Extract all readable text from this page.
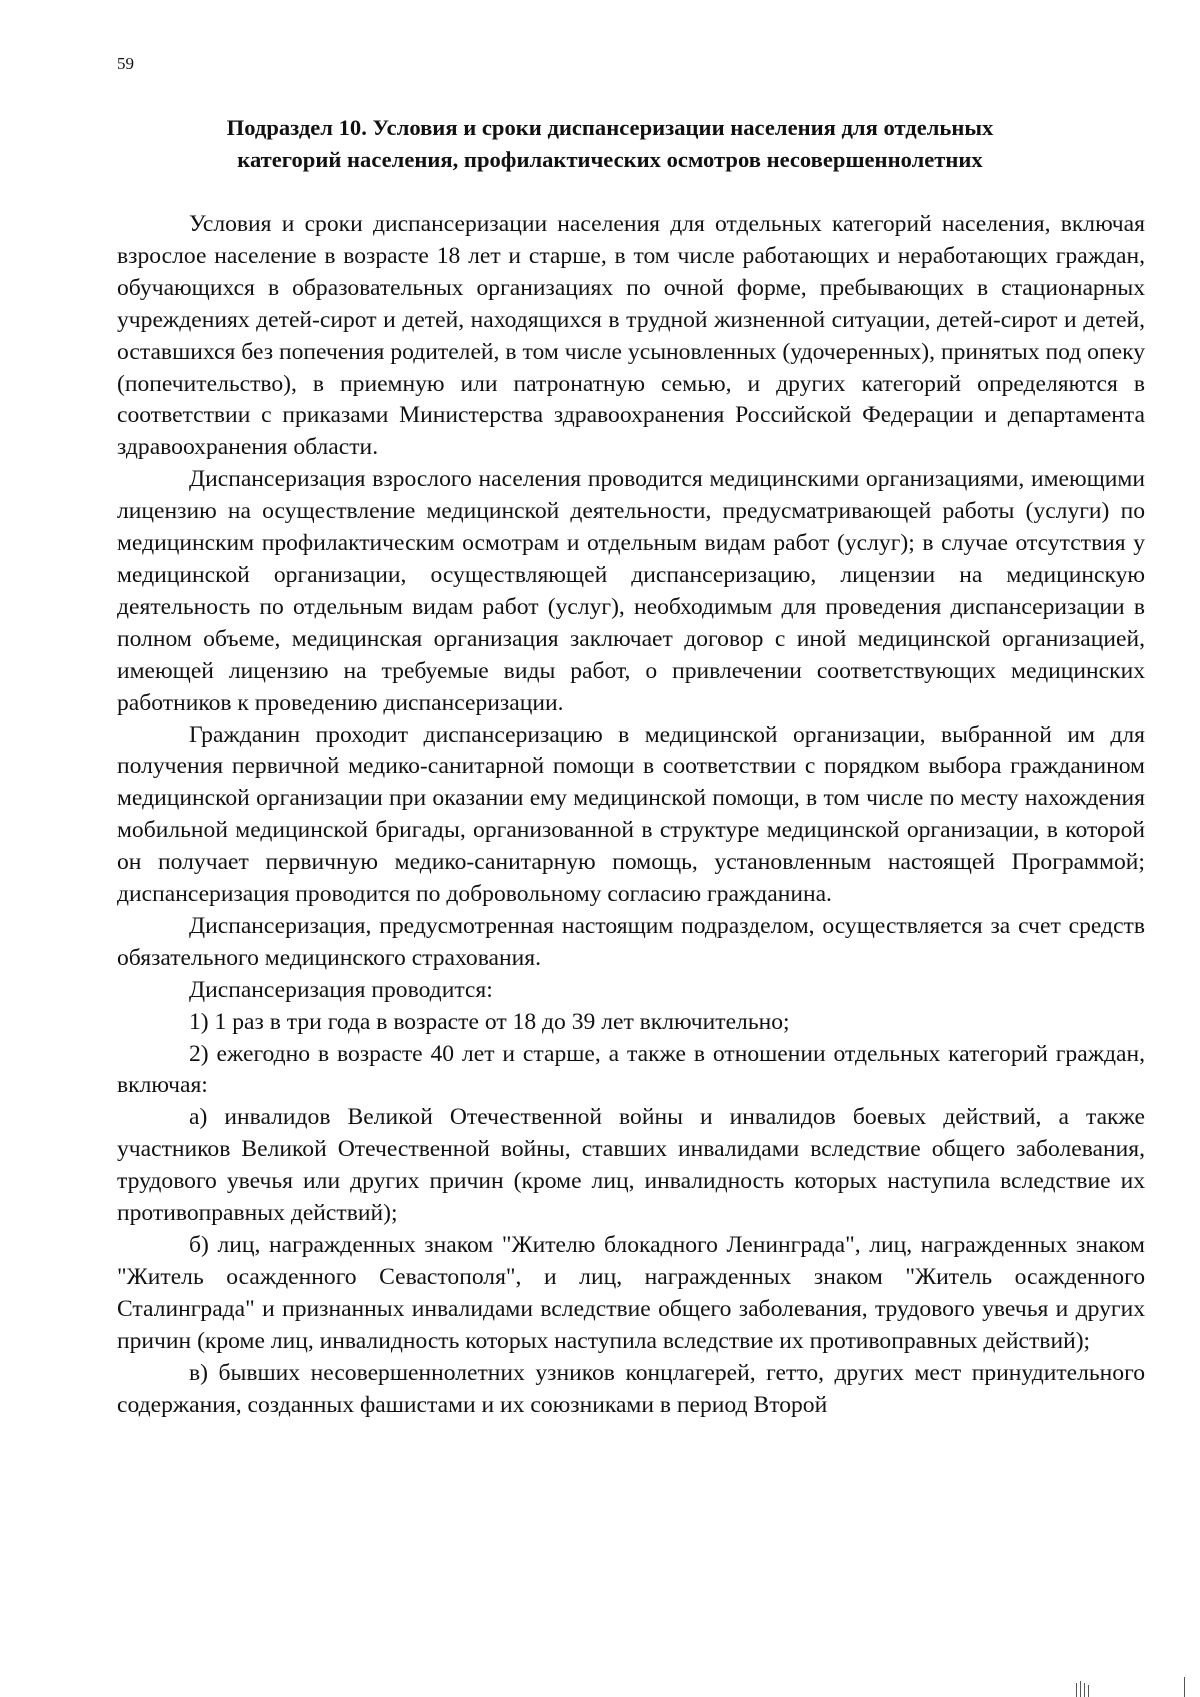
59
Подраздел 10. Условия и сроки диспансеризации населения для отдельных
категорий населения, профилактических осмотров несовершеннолетних

Условия и сроки диспансеризации населения для отдельных категорий населения, включая взрослое население в возрасте 18 лет и старше, в том числе работающих и неработающих граждан, обучающихся в образовательных организациях по очной форме, пребывающих в стационарных учреждениях детей-сирот и детей, находящихся в трудной жизненной ситуации, детей-сирот и детей, оставшихся без попечения родителей, в том числе усыновленных (удочеренных), принятых под опеку (попечительство), в приемную или патронатную семью, и других категорий определяются в соответствии с приказами Министерства здравоохранения Российской Федерации и департамента здравоохранения области.

Диспансеризация взрослого населения проводится медицинскими организациями, имеющими лицензию на осуществление медицинской деятельности, предусматривающей работы (услуги) по медицинским профилактическим осмотрам и отдельным видам работ (услуг); в случае отсутствия у медицинской организации, осуществляющей диспансеризацию, лицензии на медицинскую деятельность по отдельным видам работ (услуг), необходимым для проведения диспансеризации в полном объеме, медицинская организация заключает договор с иной медицинской организацией, имеющей лицензию на требуемые виды работ, о привлечении соответствующих медицинских работников к проведению диспансеризации.

Гражданин проходит диспансеризацию в медицинской организации, выбранной им для получения первичной медико-санитарной помощи в соответствии с порядком выбора гражданином медицинской организации при оказании ему медицинской помощи, в том числе по месту нахождения мобильной медицинской бригады, организованной в структуре медицинской организации, в которой он получает первичную медико-санитарную помощь, установленным настоящей Программой; диспансеризация проводится по добровольному согласию гражданина.

Диспансеризация, предусмотренная настоящим подразделом, осуществляется за счет средств обязательного медицинского страхования.

Диспансеризация проводится:

1) 1 раз в три года в возрасте от 18 до 39 лет включительно;

2) ежегодно в возрасте 40 лет и старше, а также в отношении отдельных категорий граждан, включая:

а) инвалидов Великой Отечественной войны и инвалидов боевых действий, а также участников Великой Отечественной войны, ставших инвалидами вследствие общего заболевания, трудового увечья или других причин (кроме лиц, инвалидность которых наступила вследствие их противоправных действий);

б) лиц, награжденных знаком "Жителю блокадного Ленинграда", лиц, награжденных знаком "Житель осажденного Севастополя", и лиц, награжденных знаком "Житель осажденного Сталинграда" и признанных инвалидами вследствие общего заболевания, трудового увечья и других причин (кроме лиц, инвалидность которых наступила вследствие их противоправных действий);

в) бывших несовершеннолетних узников концлагерей, гетто, других мест принудительного содержания, созданных фашистами и их союзниками в период Второй
